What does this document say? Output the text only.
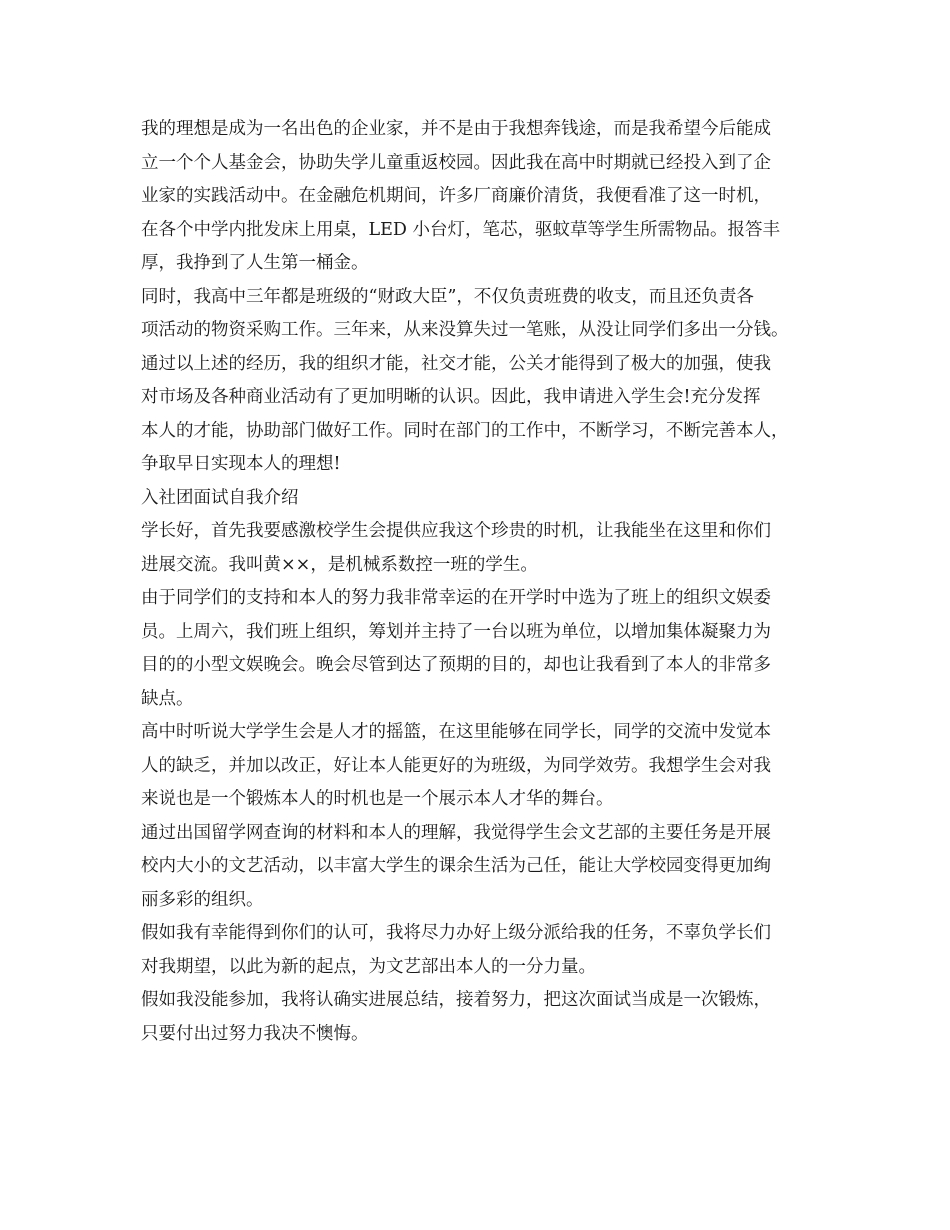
我的理想是成为一名出色的企业家，并不是由于我想奔钱途，而是我希望今后能成
立一个个人基金会，协助失学儿童重返校园。因此我在高中时期就已经投入到了企
业家的实践活动中。在金融危机期间，许多厂商廉价清货，我便看准了这一时机，
在各个中学内批发床上用桌，LED 小台灯，笔芯，驱蚊草等学生所需物品。报答丰
厚，我挣到了人生第一桶金。
同时，我高中三年都是班级的“财政大臣”，不仅负责班费的收支，而且还负责各
项活动的物资采购工作。三年来，从来没算失过一笔账，从没让同学们多出一分钱。
通过以上述的经历，我的组织才能，社交才能，公关才能得到了极大的加强，使我
对市场及各种商业活动有了更加明晰的认识。因此，我申请进入学生会!充分发挥
本人的才能，协助部门做好工作。同时在部门的工作中，不断学习，不断完善本人，
争取早日实现本人的理想!
入社团面试自我介绍
学长好，首先我要感激校学生会提供应我这个珍贵的时机，让我能坐在这里和你们
进展交流。我叫黄××，是机械系数控一班的学生。
由于同学们的支持和本人的努力我非常幸运的在开学时中选为了班上的组织文娱委
员。上周六，我们班上组织，筹划并主持了一台以班为单位，以增加集体凝聚力为
目的的小型文娱晚会。晚会尽管到达了预期的目的，却也让我看到了本人的非常多
缺点。
高中时听说大学学生会是人才的摇篮，在这里能够在同学长，同学的交流中发觉本
人的缺乏，并加以改正，好让本人能更好的为班级，为同学效劳。我想学生会对我
来说也是一个锻炼本人的时机也是一个展示本人才华的舞台。
通过出国留学网查询的材料和本人的理解，我觉得学生会文艺部的主要任务是开展
校内大小的文艺活动，以丰富大学生的课余生活为己任，能让大学校园变得更加绚
丽多彩的组织。
假如我有幸能得到你们的认可，我将尽力办好上级分派给我的任务，不辜负学长们
对我期望，以此为新的起点，为文艺部出本人的一分力量。
假如我没能参加，我将认确实进展总结，接着努力，把这次面试当成是一次锻炼，
只要付出过努力我决不懊悔。
